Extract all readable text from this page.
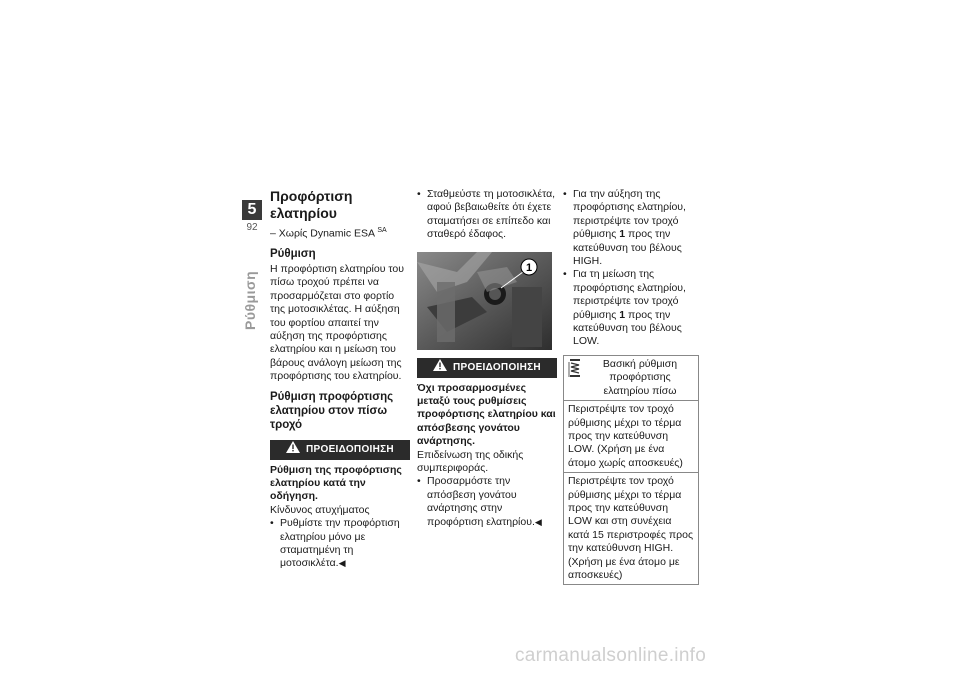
5
92
Ρύθμιση
Προφόρτιση ελατηρίου

– Χωρίς Dynamic ESA $^{SA}$

Ρύθμιση

Η προφόρτιση ελατηρίου του πίσω τροχού πρέπει να προσαρμόζεται στο φορτίο της μοτοσικλέτας. Η αύξηση του φορτίου απαιτεί την αύξηση της προφόρτισης ελατηρίου και η μείωση του βάρους ανάλογη μείωση της προφόρτισης του ελατηρίου.

Ρύθμιση προφόρτισης ελατηρίου στον πίσω τροχό
ΠΡΟΕΙΔΟΠΟΙΗΣΗ

Ρύθμιση της προφόρτισης ελατηρίου κατά την οδήγηση.

Κίνδυνος ατυχήματος

• Ρυθμίστε την προφόρτιση ελατηρίου μόνο με σταματημένη τη μοτοσικλέτα.◀
• Σταθμεύστε τη μοτοσικλέτα, αφού βεβαιωθείτε ότι έχετε σταματήσει σε επίπεδο και σταθερό έδαφος.
1
ΠΡΟΕΙΔΟΠΟΙΗΣΗ

Όχι προσαρμοσμένες μεταξύ τους ρυθμίσεις προφόρτισης ελατηρίου και απόσβεσης γονάτου ανάρτησης.

Επιδείνωση της οδικής συμπεριφοράς.

• Προσαρμόστε την απόσβεση γονάτου ανάρτησης στην προφόρτιση ελατηρίου.◀
• Για την αύξηση της προφόρτισης ελατηρίου, περιστρέψτε τον τροχό ρύθμισης 1 προς την κατεύθυνση του βέλους HIGH.
• Για τη μείωση της προφόρτισης ελατηρίου, περιστρέψτε τον τροχό ρύθμισης 1 προς την κατεύθυνση του βέλους LOW.
Βασική ρύθμιση προφόρτισης ελατηρίου πίσω
Περιστρέψτε τον τροχό ρύθμισης μέχρι το τέρμα προς την κατεύθυνση LOW. (Χρήση με ένα άτομο χωρίς αποσκευές)
Περιστρέψτε τον τροχό ρύθμισης μέχρι το τέρμα προς την κατεύθυνση LOW και στη συνέχεια κατά 15 περιστροφές προς την κατεύθυνση HIGH. (Χρήση με ένα άτομο με αποσκευές)
carmanualsonline.info
